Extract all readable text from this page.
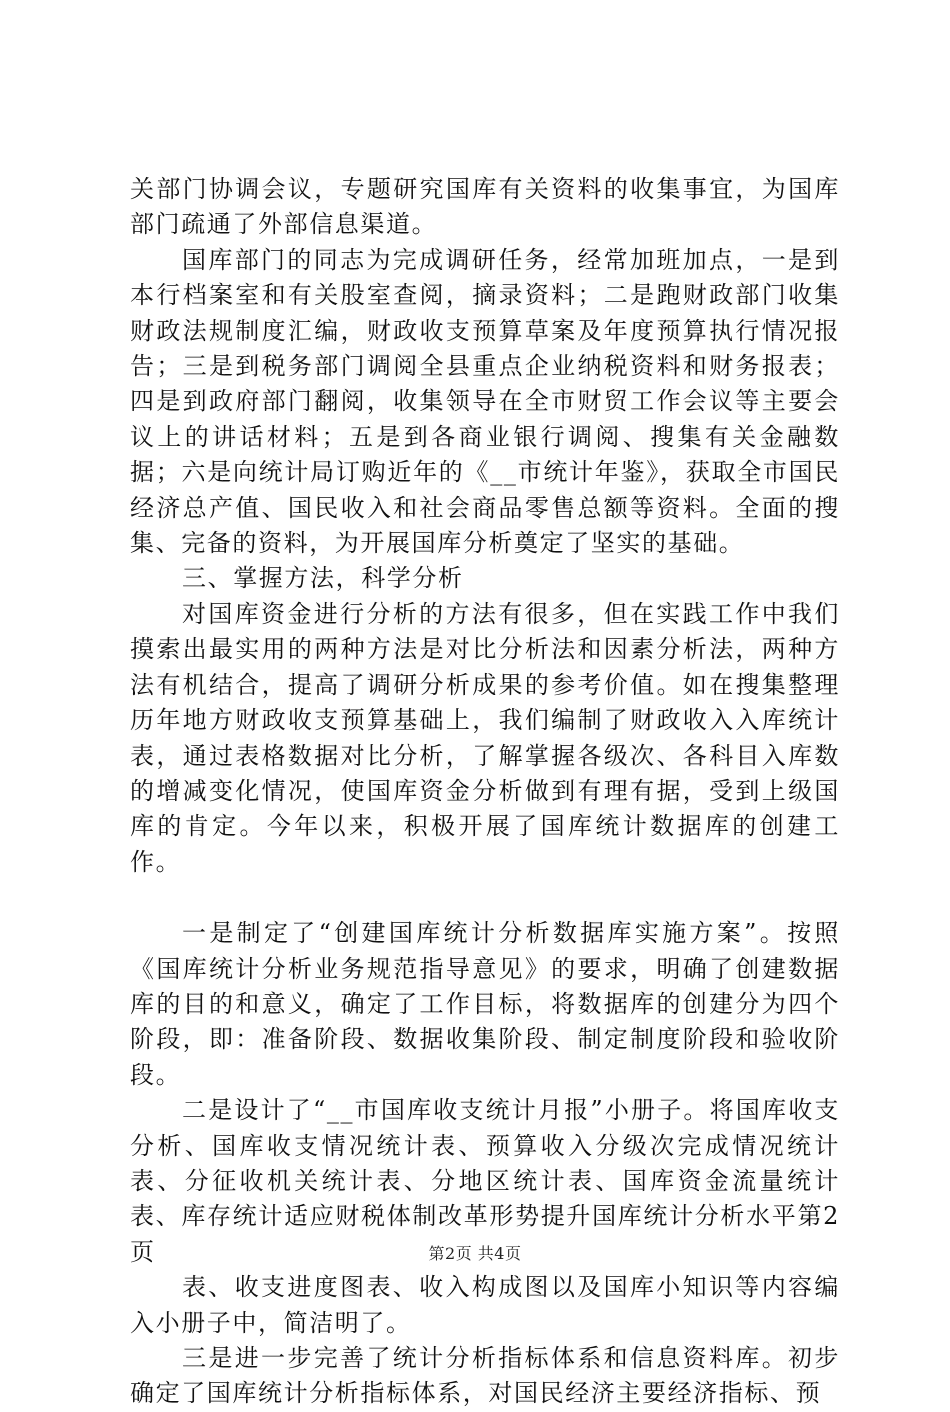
关部门协调会议，专题研究国库有关资料的收集事宜，为国库部门疏通了外部信息渠道。

国库部门的同志为完成调研任务，经常加班加点，一是到本行档案室和有关股室查阅，摘录资料；二是跑财政部门收集财政法规制度汇编，财政收支预算草案及年度预算执行情况报告；三是到税务部门调阅全县重点企业纳税资料和财务报表；四是到政府部门翻阅，收集领导在全市财贸工作会议等主要会议上的讲话材料；五是到各商业银行调阅、搜集有关金融数据；六是向统计局订购近年的《__市统计年鉴》，获取全市国民经济总产值、国民收入和社会商品零售总额等资料。全面的搜集、完备的资料，为开展国库分析奠定了坚实的基础。

三、掌握方法，科学分析

对国库资金进行分析的方法有很多，但在实践工作中我们摸索出最实用的两种方法是对比分析法和因素分析法，两种方法有机结合，提高了调研分析成果的参考价值。如在搜集整理历年地方财政收支预算基础上，我们编制了财政收入入库统计表，通过表格数据对比分析，了解掌握各级次、各科目入库数的增减变化情况，使国库资金分析做到有理有据，受到上级国库的肯定。今年以来，积极开展了国库统计数据库的创建工作。

一是制定了“创建国库统计分析数据库实施方案”。按照《国库统计分析业务规范指导意见》的要求，明确了创建数据库的目的和意义，确定了工作目标，将数据库的创建分为四个阶段，即：准备阶段、数据收集阶段、制定制度阶段和验收阶段。

二是设计了“__市国库收支统计月报”小册子。将国库收支分析、国库收支情况统计表、预算收入分级次完成情况统计表、分征收机关统计表、分地区统计表、国库资金流量统计表、库存统计适应财税体制改革形势提升国库统计分析水平第2页

表、收支进度图表、收入构成图以及国库小知识等内容编入小册子中，简洁明了。

三是进一步完善了统计分析指标体系和信息资料库。初步确定了国库统计分析指标体系，对国民经济主要经济指标、预

第2页 共4页
